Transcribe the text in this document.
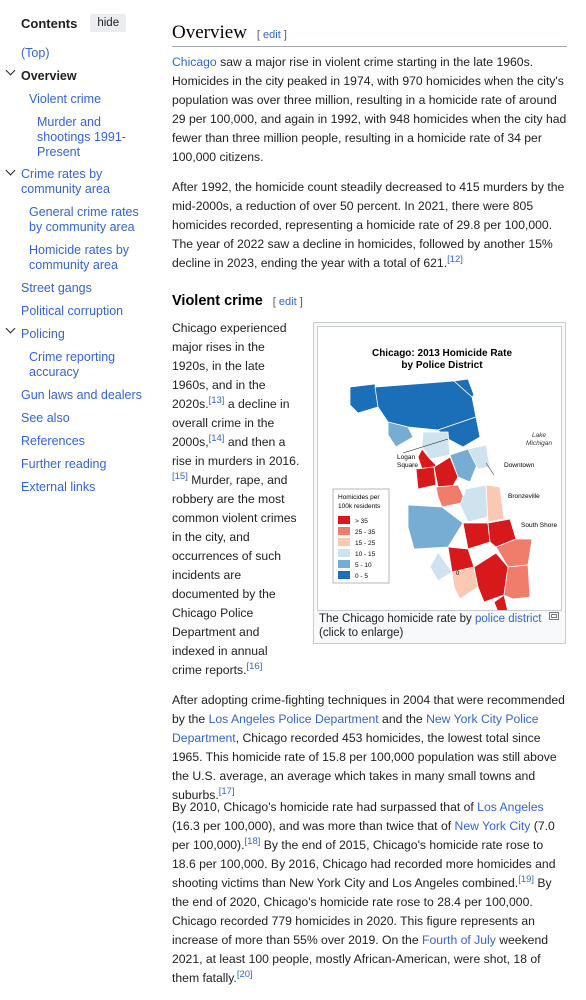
Contents	hide
(Top)
Overview
Violent crime
Murder and shootings 1991-Present
Crime rates by community area
General crime rates by community area
Homicide rates by community area
Street gangs
Political corruption
Policing
Crime reporting accuracy
Gun laws and dealers
See also
References
Further reading
External links
Overview [ edit ]

Chicago saw a major rise in violent crime starting in the late 1960s. Homicides in the city peaked in 1974, with 970 homicides when the city's population was over three million, resulting in a homicide rate of around 29 per 100,000, and again in 1992, with 948 homicides when the city had fewer than three million people, resulting in a homicide rate of 34 per 100,000 citizens.

After 1992, the homicide count steadily decreased to 415 murders by the mid-2000s, a reduction of over 50 percent. In 2021, there were 805 homicides recorded, representing a homicide rate of 29.8 per 100,000. The year of 2022 saw a decline in homicides, followed by another 15% decline in 2023, ending the year with a total of 621.[12]

Violent crime [ edit ]

Chicago experienced major rises in the 1920s, in the late 1960s, and in the 2020s.[13] a decline in overall crime in the 2000s,[14] and then a rise in murders in 2016.[15] Murder, rape, and robbery are the most common violent crimes in the city, and occurrences of such incidents are documented by the Chicago Police Department and indexed in annual crime reports.[16]

After adopting crime-fighting techniques in 2004 that were recommended by the Los Angeles Police Department and the New York City Police Department, Chicago recorded 453 homicides, the lowest total since 1965. This homicide rate of 15.8 per 100,000 population was still above the U.S. average, an average which takes in many small towns and suburbs.[17]

By 2010, Chicago's homicide rate had surpassed that of Los Angeles (16.3 per 100,000), and was more than twice that of New York City (7.0 per 100,000).[18] By the end of 2015, Chicago's homicide rate rose to 18.6 per 100,000. By 2016, Chicago had recorded more homicides and shooting victims than New York City and Los Angeles combined.[19] By the end of 2020, Chicago's homicide rate rose to 28.4 per 100,000. Chicago recorded 779 homicides in 2020. This figure represents an increase of more than 55% over 2019. On the Fourth of July weekend 2021, at least 100 people, mostly African-American, were shot, 18 of them fatally.[20]

Chicago: 2013 Homicide Rate
by Police District
Lake
Michigan
Logan
Square	Downtown
Bronzeville
South Shore
0
Homicides per
100k residents
> 35
25 - 35
15 - 25
10 - 15
5 - 10
0 - 5
The Chicago homicide rate by police district (click to enlarge)
